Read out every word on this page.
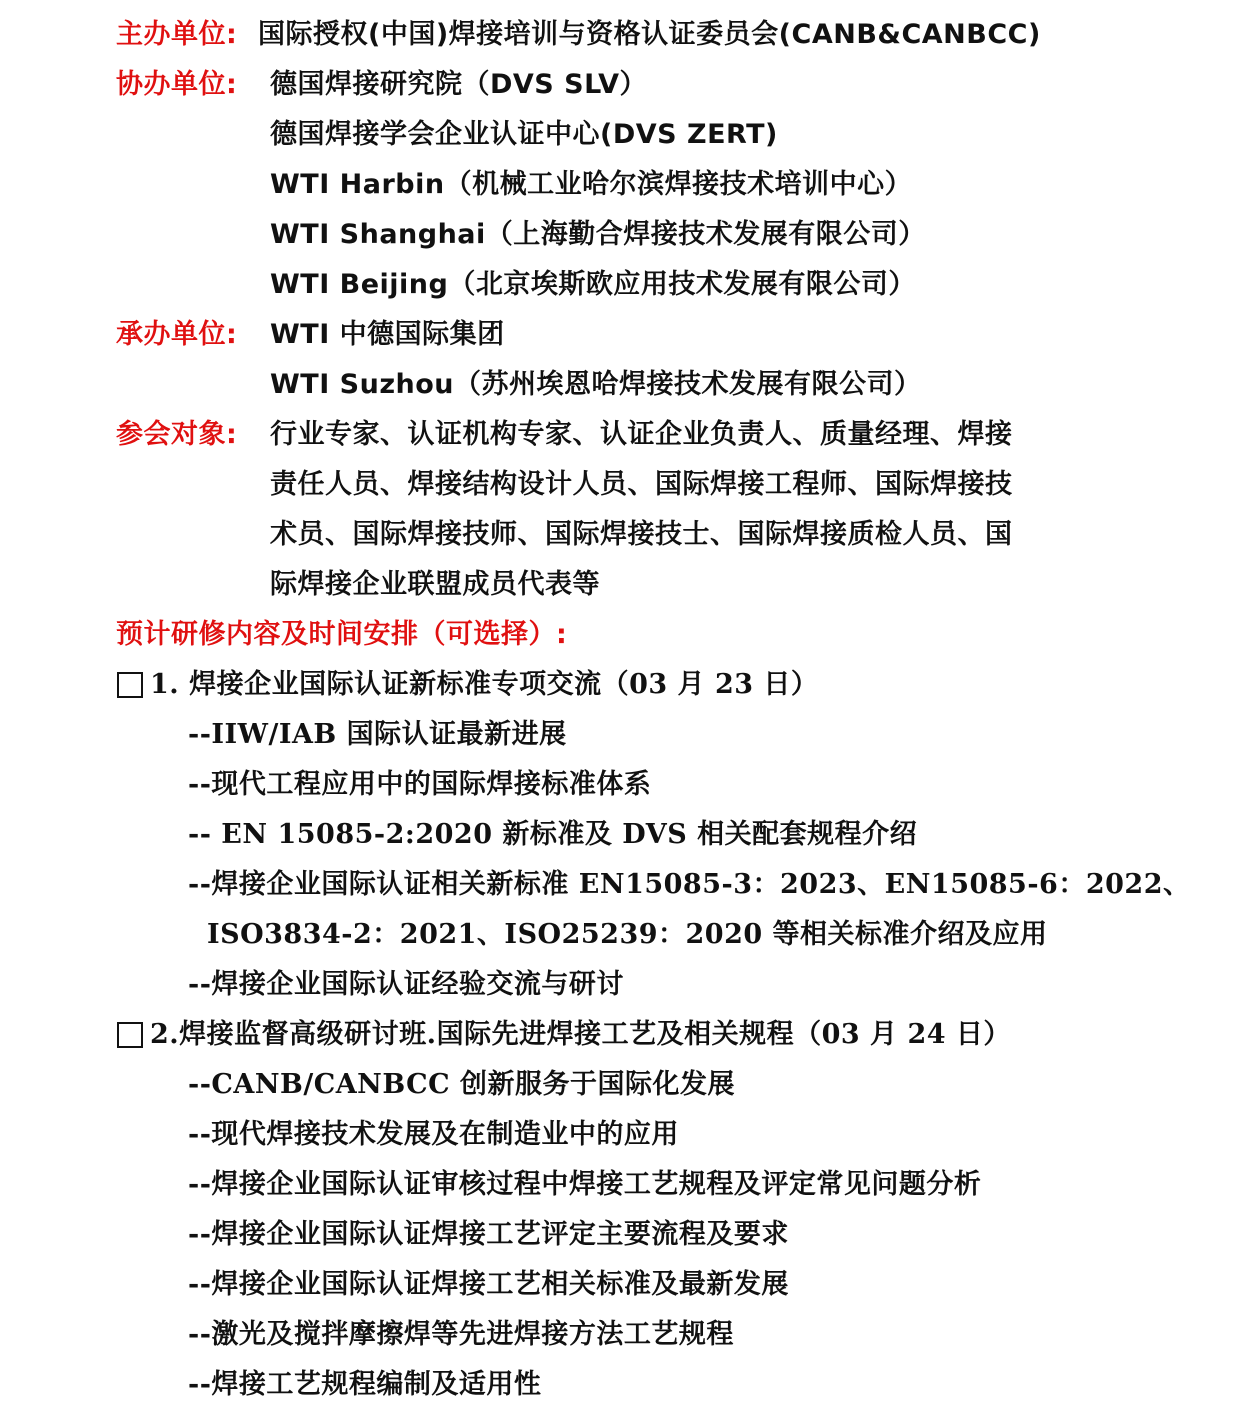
主办单位: 国际授权(中国)焊接培训与资格认证委员会(CANB&CANBCC)
协办单位: 德国焊接研究院（DVS SLV）
德国焊接学会企业认证中心(DVS ZERT)
WTI Harbin（机械工业哈尔滨焊接技术培训中心）
WTI Shanghai（上海勤合焊接技术发展有限公司）
WTI Beijing（北京埃斯欧应用技术发展有限公司）
承办单位: WTI 中德国际集团
WTI Suzhou（苏州埃恩哈焊接技术发展有限公司）
参会对象: 行业专家、认证机构专家、认证企业负责人、质量经理、焊接
责任人员、焊接结构设计人员、国际焊接工程师、国际焊接技
术员、国际焊接技师、国际焊接技士、国际焊接质检人员、国
际焊接企业联盟成员代表等
预计研修内容及时间安排（可选择）:
1. 焊接企业国际认证新标准专项交流（03 月 23 日）
--IIW/IAB 国际认证最新进展
--现代工程应用中的国际焊接标准体系
-- EN 15085-2:2020 新标准及 DVS 相关配套规程介绍
--焊接企业国际认证相关新标准 EN15085-3：2023、EN15085-6：2022、
ISO3834-2：2021、ISO25239：2020 等相关标准介绍及应用
--焊接企业国际认证经验交流与研讨
2.焊接监督高级研讨班.国际先进焊接工艺及相关规程（03 月 24 日）
--CANB/CANBCC 创新服务于国际化发展
--现代焊接技术发展及在制造业中的应用
--焊接企业国际认证审核过程中焊接工艺规程及评定常见问题分析
--焊接企业国际认证焊接工艺评定主要流程及要求
--焊接企业国际认证焊接工艺相关标准及最新发展
--激光及搅拌摩擦焊等先进焊接方法工艺规程
--焊接工艺规程编制及适用性
